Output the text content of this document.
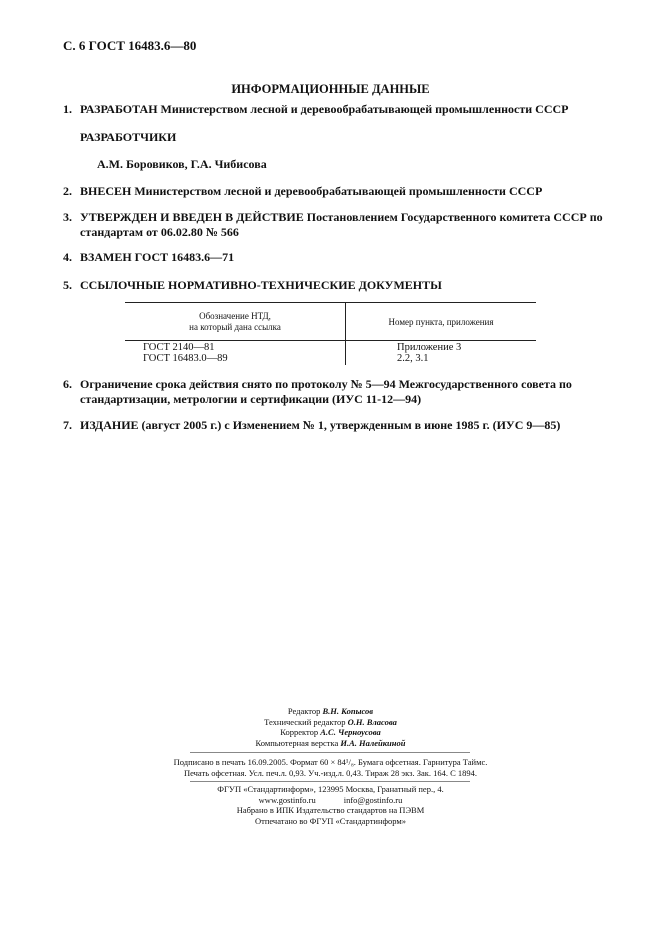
С. 6 ГОСТ 16483.6—80
ИНФОРМАЦИОННЫЕ ДАННЫЕ
1. РАЗРАБОТАН Министерством лесной и деревообрабатывающей промышленности СССР
РАЗРАБОТЧИКИ
А.М. Боровиков, Г.А. Чибисова
2. ВНЕСЕН Министерством лесной и деревообрабатывающей промышленности СССР
3. УТВЕРЖДЕН И ВВЕДЕН В ДЕЙСТВИЕ Постановлением Государственного комитета СССР по
стандартам от 06.02.80 № 566
4. ВЗАМЕН ГОСТ 16483.6—71
5. ССЫЛОЧНЫЕ НОРМАТИВНО-ТЕХНИЧЕСКИЕ ДОКУМЕНТЫ
Обозначение НТД,
на который дана ссылка	Номер пункта, приложения
ГОСТ 2140—81	Приложение 3
ГОСТ 16483.0—89	2.2, 3.1
6. Ограничение срока действия снято по протоколу № 5—94 Межгосударственного совета по
стандартизации, метрологии и сертификации (ИУС 11-12—94)
7. ИЗДАНИЕ (август 2005 г.) с Изменением № 1, утвержденным в июне 1985 г. (ИУС 9—85)
Редактор В.Н. Копысов
Технический редактор О.Н. Власова
Корректор А.С. Черноусова
Компьютерная верстка И.А. Налейкиной
Подписано в печать 16.09.2005. Формат 60 × 84¹/₈. Бумага офсетная. Гарнитура Таймс.
Печать офсетная. Усл. печ.л. 0,93. Уч.-изд.л. 0,43. Тираж 28 экз. Зак. 164. С 1894.
ФГУП «Стандартинформ», 123995 Москва, Гранатный пер., 4.
www.gostinfo.ru	info@gostinfo.ru
Набрано в ИПК Издательство стандартов на ПЭВМ
Отпечатано во ФГУП «Стандартинформ»
